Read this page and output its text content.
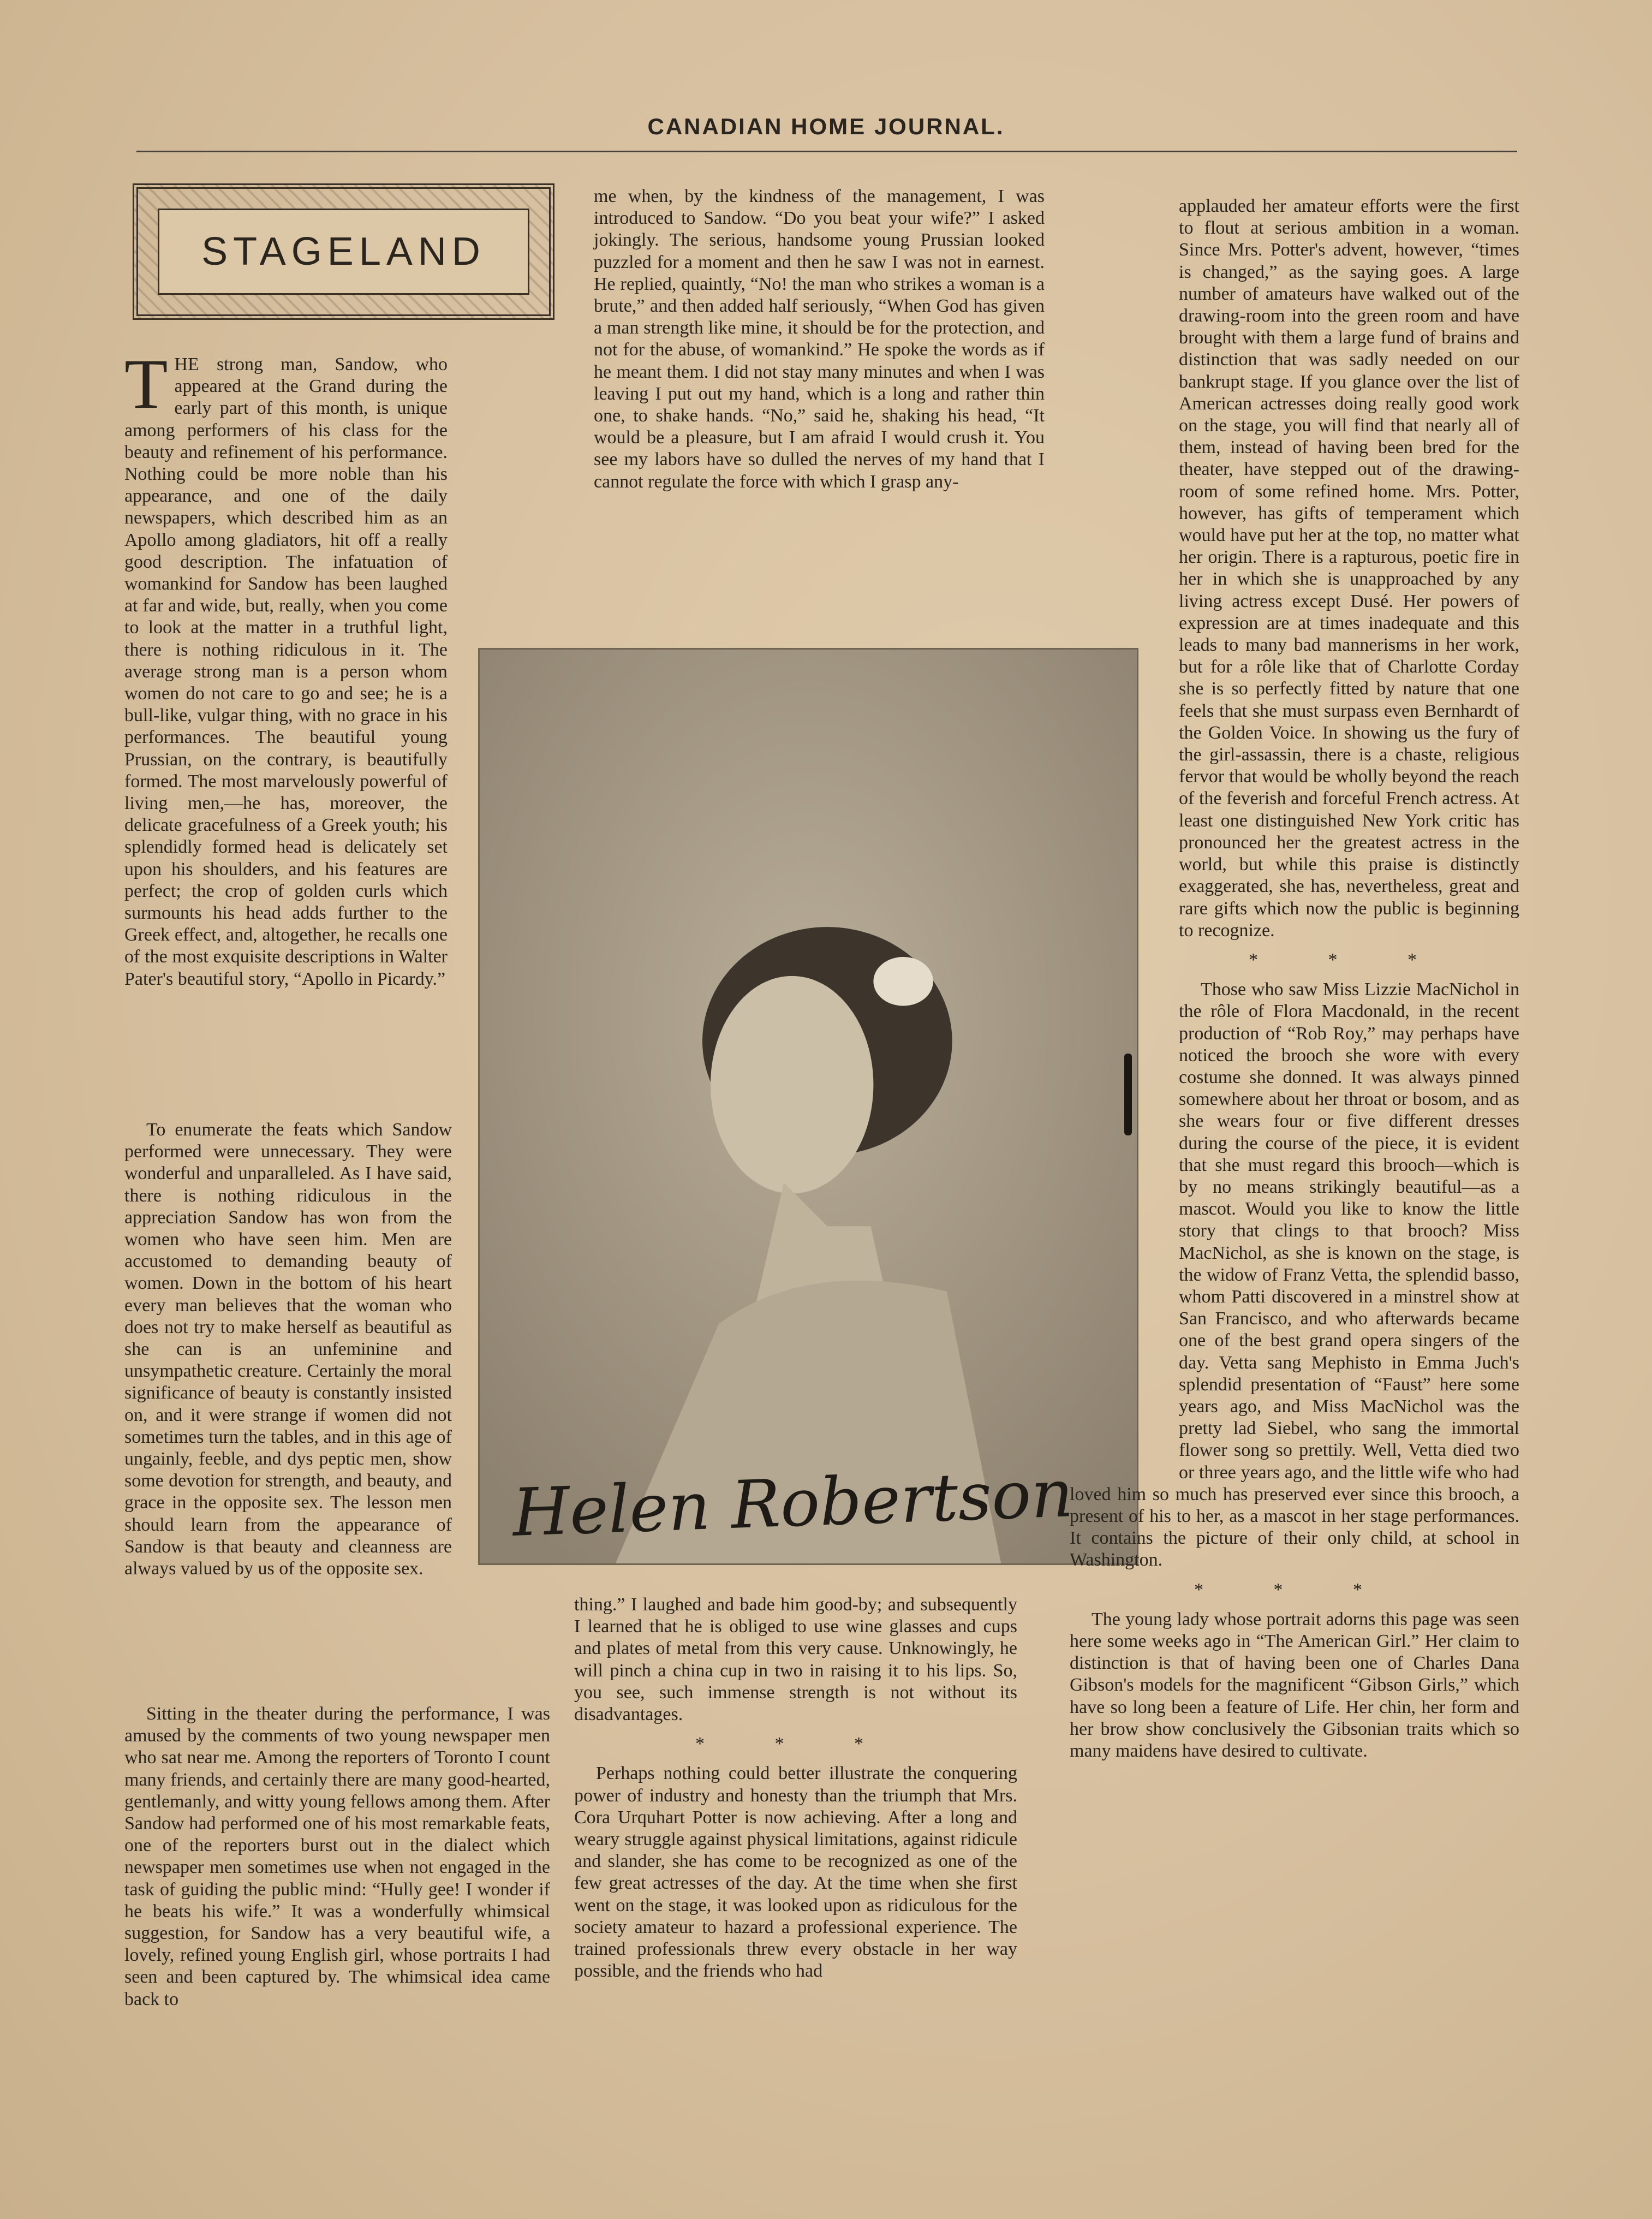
CANADIAN HOME JOURNAL.
STAGELAND

THE strong man, Sandow, who appeared at the Grand during the early part of this month, is unique among performers of his class for the beauty and refinement of his performance. Nothing could be more noble than his appearance, and one of the daily newspapers, which described him as an Apollo among gladiators, hit off a really good description. The infatuation of womankind for Sandow has been laughed at far and wide, but, really, when you come to look at the matter in a truthful light, there is nothing ridiculous in it. The average strong man is a person whom women do not care to go and see; he is a bull-like, vulgar thing, with no grace in his performances. The beautiful young Prussian, on the contrary, is beautifully formed. The most marvelously powerful of living men,—he has, moreover, the delicate gracefulness of a Greek youth; his splendidly formed head is delicately set upon his shoulders, and his features are perfect; the crop of golden curls which surmounts his head adds further to the Greek effect, and, altogether, he recalls one of the most exquisite descriptions in Walter Pater's beautiful story, “Apollo in Picardy.”

To enumerate the feats which Sandow performed were unnecessary. They were wonderful and unparalleled. As I have said, there is nothing ridiculous in the appreciation Sandow has won from the women who have seen him. Men are accustomed to demanding beauty of women. Down in the bottom of his heart every man believes that the woman who does not try to make herself as beautiful as she can is an unfeminine and unsympathetic creature. Certainly the moral significance of beauty is constantly insisted on, and it were strange if women did not sometimes turn the tables, and in this age of ungainly, feeble, and dys peptic men, show some devotion for strength, and beauty, and grace in the opposite sex. The lesson men should learn from the appearance of Sandow is that beauty and cleanness are always valued by us of the opposite sex.

Sitting in the theater during the performance, I was amused by the comments of two young newspaper men who sat near me. Among the reporters of Toronto I count many friends, and certainly there are many good-hearted, gentlemanly, and witty young fellows among them. After Sandow had performed one of his most remarkable feats, one of the reporters burst out in the dialect which newspaper men sometimes use when not engaged in the task of guiding the public mind: “Hully gee! I wonder if he beats his wife.” It was a wonderfully whimsical suggestion, for Sandow has a very beautiful wife, a lovely, refined young English girl, whose portraits I had seen and been captured by. The whimsical idea came back to

me when, by the kindness of the management, I was introduced to Sandow. “Do you beat your wife?” I asked jokingly. The serious, handsome young Prussian looked puzzled for a moment and then he saw I was not in earnest. He replied, quaintly, “No! the man who strikes a woman is a brute,” and then added half seriously, “When God has given a man strength like mine, it should be for the protection, and not for the abuse, of womankind.” He spoke the words as if he meant them. I did not stay many minutes and when I was leaving I put out my hand, which is a long and rather thin one, to shake hands. “No,” said he, shaking his head, “It would be a pleasure, but I am afraid I would crush it. You see my labors have so dulled the nerves of my hand that I cannot regulate the force with which I grasp any-

Helen Robertson

thing.” I laughed and bade him good-by; and subsequently I learned that he is obliged to use wine glasses and cups and plates of metal from this very cause. Unknowingly, he will pinch a china cup in two in raising it to his lips. So, you see, such immense strength is not without its disadvantages.

* * *

Perhaps nothing could better illustrate the conquering power of industry and honesty than the triumph that Mrs. Cora Urquhart Potter is now achieving. After a long and weary struggle against physical limitations, against ridicule and slander, she has come to be recognized as one of the few great actresses of the day. At the time when she first went on the stage, it was looked upon as ridiculous for the society amateur to hazard a professional experience. The trained professionals threw every obstacle in her way possible, and the friends who had

applauded her amateur efforts were the first to flout at serious ambition in a woman. Since Mrs. Potter's advent, however, “times is changed,” as the saying goes. A large number of amateurs have walked out of the drawing-room into the green room and have brought with them a large fund of brains and distinction that was sadly needed on our bankrupt stage. If you glance over the list of American actresses doing really good work on the stage, you will find that nearly all of them, instead of having been bred for the theater, have stepped out of the drawing-room of some refined home. Mrs. Potter, however, has gifts of temperament which would have put her at the top, no matter what her origin. There is a rapturous, poetic fire in her in which she is unapproached by any living actress except Dusé. Her powers of expression are at times inadequate and this leads to many bad mannerisms in her work, but for a rôle like that of Charlotte Corday she is so perfectly fitted by nature that one feels that she must surpass even Bernhardt of the Golden Voice. In showing us the fury of the girl-assassin, there is a chaste, religious fervor that would be wholly beyond the reach of the feverish and forceful French actress. At least one distinguished New York critic has pronounced her the greatest actress in the world, but while this praise is distinctly exaggerated, she has, nevertheless, great and rare gifts which now the public is beginning to recognize.

* * *

Those who saw Miss Lizzie MacNichol in the rôle of Flora Macdonald, in the recent production of “Rob Roy,” may perhaps have noticed the brooch she wore with every costume she donned. It was always pinned somewhere about her throat or bosom, and as she wears four or five different dresses during the course of the piece, it is evident that she must regard this brooch—which is by no means strikingly beautiful—as a mascot. Would you like to know the little story that clings to that brooch? Miss MacNichol, as she is known on the stage, is the widow of Franz Vetta, the splendid basso, whom Patti discovered in a minstrel show at San Francisco, and who afterwards became one of the best grand opera singers of the day. Vetta sang Mephisto in Emma Juch's splendid presentation of “Faust” here some years ago, and Miss MacNichol was the pretty lad Siebel, who sang the immortal flower song so prettily. Well, Vetta died two or three years ago, and the little wife who had loved him so much has preserved ever since this brooch, a present of his to her, as a mascot in her stage performances. It contains the picture of their only child, at school in Washington.

* * *

The young lady whose portrait adorns this page was seen here some weeks ago in “The American Girl.” Her claim to distinction is that of having been one of Charles Dana Gibson's models for the magnificent “Gibson Girls,” which have so long been a feature of Life. Her chin, her form and her brow show conclusively the Gibsonian traits which so many maidens have desired to cultivate.
